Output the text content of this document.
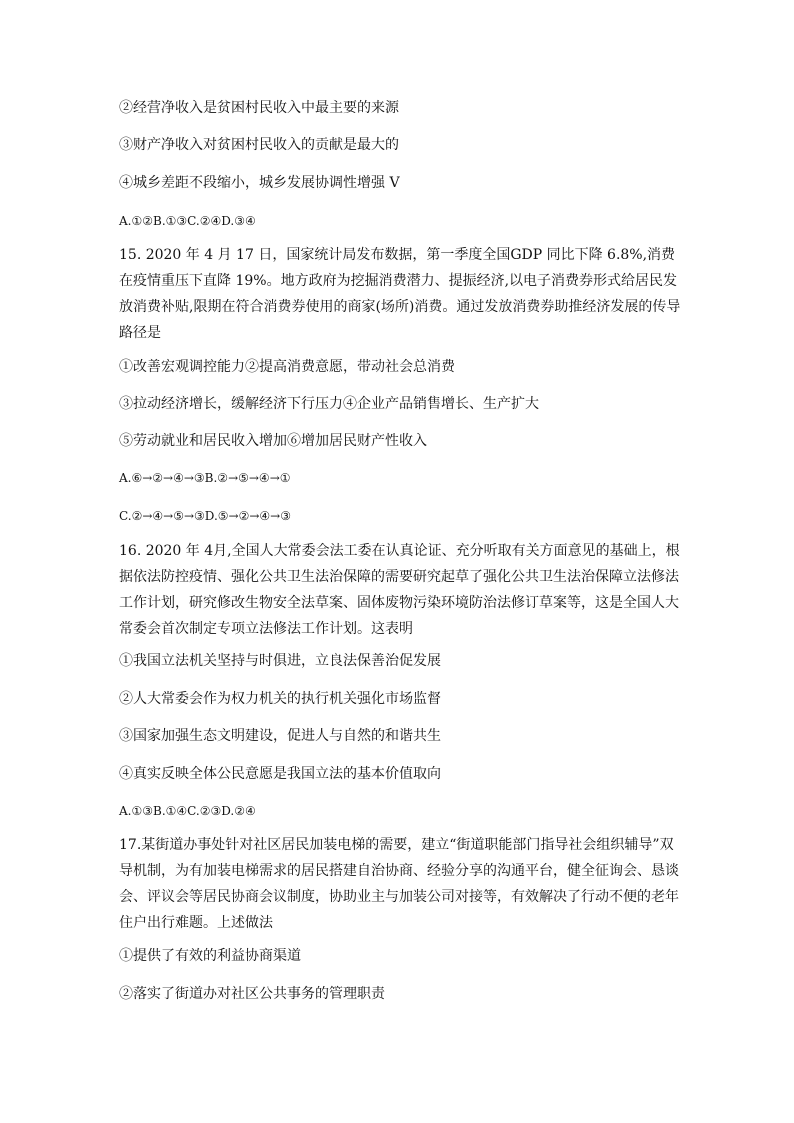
②经营净收入是贫困村民收入中最主要的来源
③财产净收入对贫困村民收入的贡献是最大的
④城乡差距不段缩小，城乡发展协调性增强 V
A.①②B.①③C.②④D.③④
15. 2020 年 4 月 17 日，国家统计局发布数据，第一季度全国GDP 同比下降 6.8%,消费在疫情重压下直降 19%。地方政府为挖掘消费潜力、提振经济,以电子消费券形式给居民发放消费补贴,限期在符合消费券使用的商家(场所)消费。通过发放消费券助推经济发展的传导路径是
①改善宏观调控能力②提高消费意愿，带动社会总消费
③拉动经济增长，缓解经济下行压力④企业产品销售增长、生产扩大
⑤劳动就业和居民收入增加⑥增加居民财产性收入
A.⑥→②→④→③B.②→⑤→④→①
C.②→④→⑤→③D.⑤→②→④→③
16. 2020 年 4月,全国人大常委会法工委在认真论证、充分听取有关方面意见的基础上，根据依法防控疫情、强化公共卫生法治保障的需要研究起草了强化公共卫生法治保障立法修法工作计划，研究修改生物安全法草案、固体废物污染环境防治法修订草案等，这是全国人大常委会首次制定专项立法修法工作计划。这表明
①我国立法机关坚持与时俱进，立良法保善治促发展
②人大常委会作为权力机关的执行机关强化市场监督
③国家加强生态文明建设，促进人与自然的和谐共生
④真实反映全体公民意愿是我国立法的基本价值取向
A.①③B.①④C.②③D.②④
17.某街道办事处针对社区居民加装电梯的需要，建立“街道职能部门指导社会组织辅导”双导机制，为有加装电梯需求的居民搭建自治协商、经验分享的沟通平台，健全征询会、恳谈会、评议会等居民协商会议制度，协助业主与加装公司对接等，有效解决了行动不便的老年住户出行难题。上述做法
①提供了有效的利益协商渠道
②落实了街道办对社区公共事务的管理职责
